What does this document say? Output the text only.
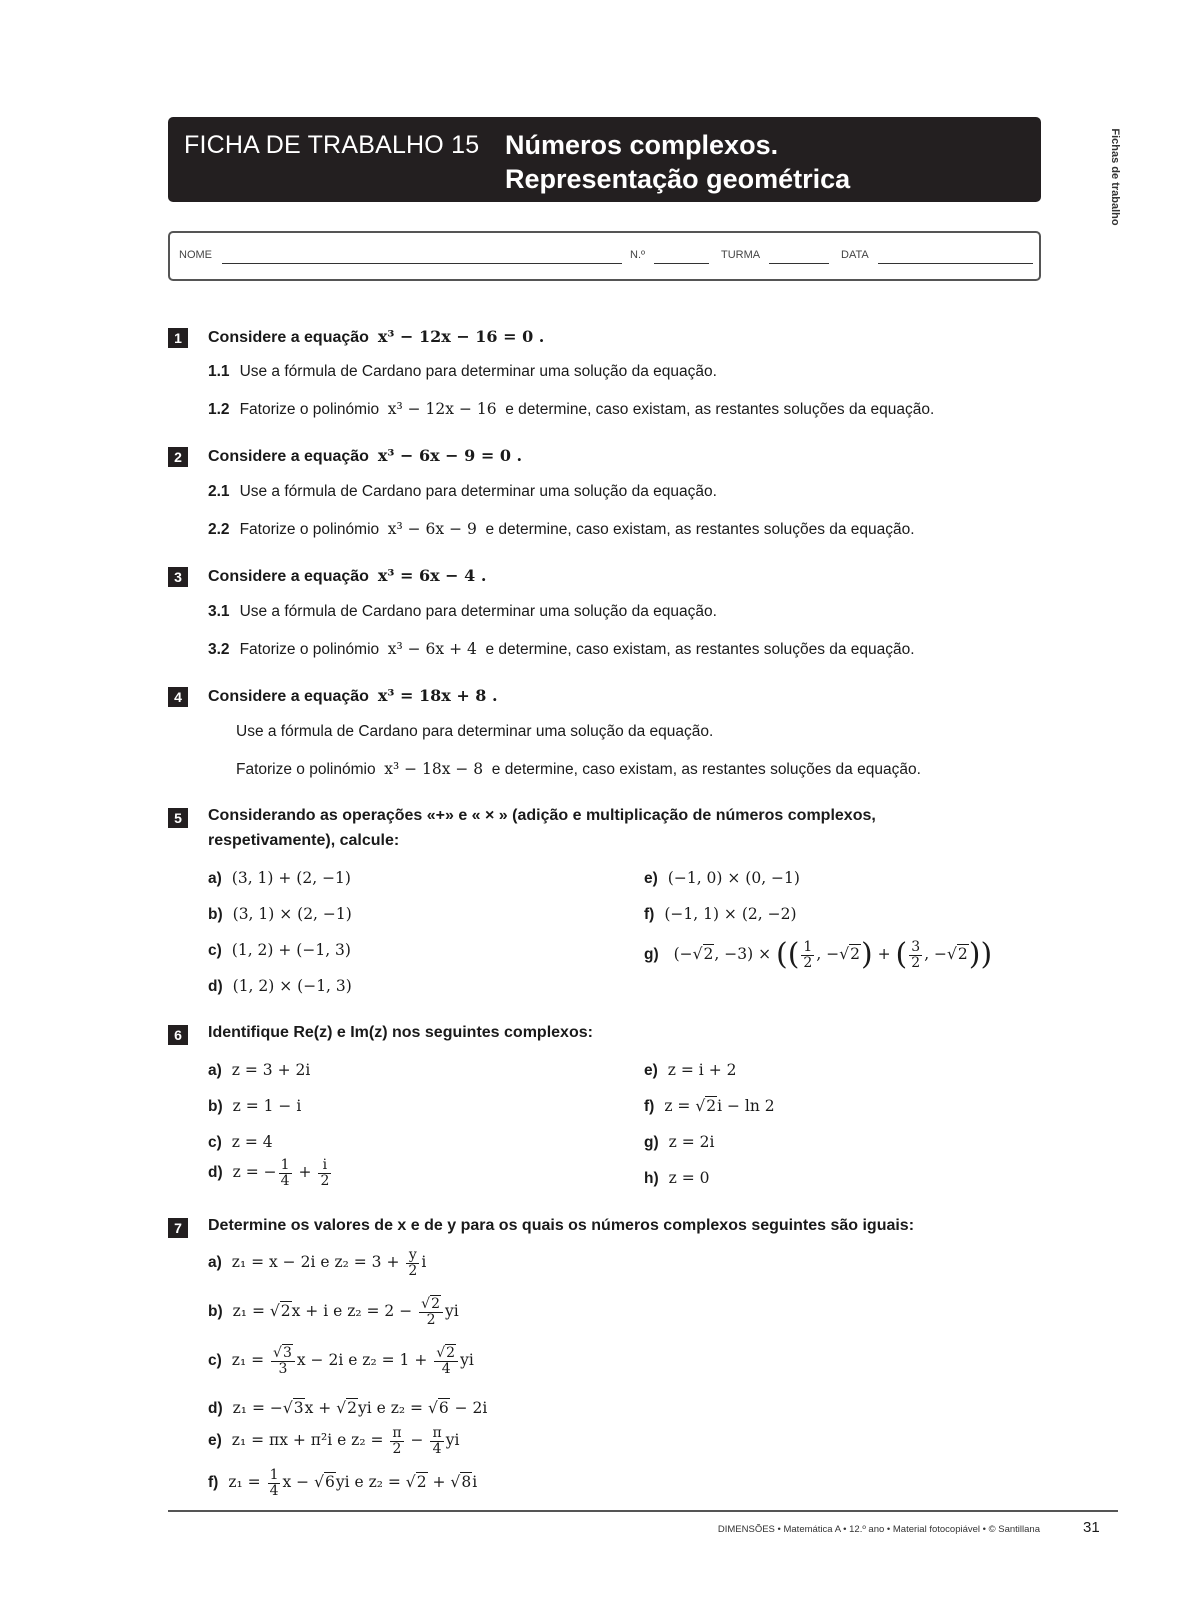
FICHA DE TRABALHO 15 Números complexos.
Representação geométrica	Fichas de trabalho
NOME	N.º	TURMA	DATA
1	Considere a equação x³ − 12x − 16 = 0 .
1.1 Use a fórmula de Cardano para determinar uma solução da equação.
1.2 Fatorize o polinómio x³ − 12x − 16 e determine, caso existam, as restantes soluções da equação.
2	Considere a equação x³ − 6x − 9 = 0 .
2.1 Use a fórmula de Cardano para determinar uma solução da equação.
2.2 Fatorize o polinómio x³ − 6x − 9 e determine, caso existam, as restantes soluções da equação.
3	Considere a equação x³ = 6x − 4 .
3.1 Use a fórmula de Cardano para determinar uma solução da equação.
3.2 Fatorize o polinómio x³ − 6x + 4 e determine, caso existam, as restantes soluções da equação.
4	Considere a equação x³ = 18x + 8 .
Use a fórmula de Cardano para determinar uma solução da equação.
Fatorize o polinómio x³ − 18x − 8 e determine, caso existam, as restantes soluções da equação.
5	Considerando as operações «+» e « × » (adição e multiplicação de números complexos,
respetivamente), calcule:
a) (3, 1) + (2, −1)
b) (3, 1) × (2, −1)
c) (1, 2) + (−1, 3)
d) (1, 2) × (−1, 3)
e) (−1, 0) × (0, −1)
f) (−1, 1) × (2, −2)
g) (−√2, −3) × (( $\frac{1}{2}$ , −√2) + ( $\frac{3}{2}$ , −√2))
6	Identifique Re(z) e Im(z) nos seguintes complexos:
a) z = 3 + 2i
b) z = 1 − i
c) z = 4
d) z = − $\frac{1}{4} + \frac{i}{2}$
e) z = i + 2
f) z = √2i − ln 2
g) z = 2i
h) z = 0
7	Determine os valores de x e de y para os quais os números complexos seguintes são iguais:
a) z₁ = x − 2i e $z_2 = 3 + \frac{y}{2}$ i
b) z₁ = √2x + i e $z_2 = 2 - \frac{√2}{2}$ yi
c) $z_1 = \frac{√3}{3}$ x − 2i e $z_2 = 1 + \frac{√2}{4}$ yi
d) z₁ = −√3x + √2yi e z₂ = √6 − 2i
e) z₁ = πx + π²i e $z_2 = \frac{\pi}{2} - \frac{\pi}{4}$ yi
f) $z_1 = \frac{1}{4}$ x − √6yi e z₂ = √2 + √8i
DIMENSÕES • Matemática A • 12.º ano • Material fotocopiável • © Santillana	31
